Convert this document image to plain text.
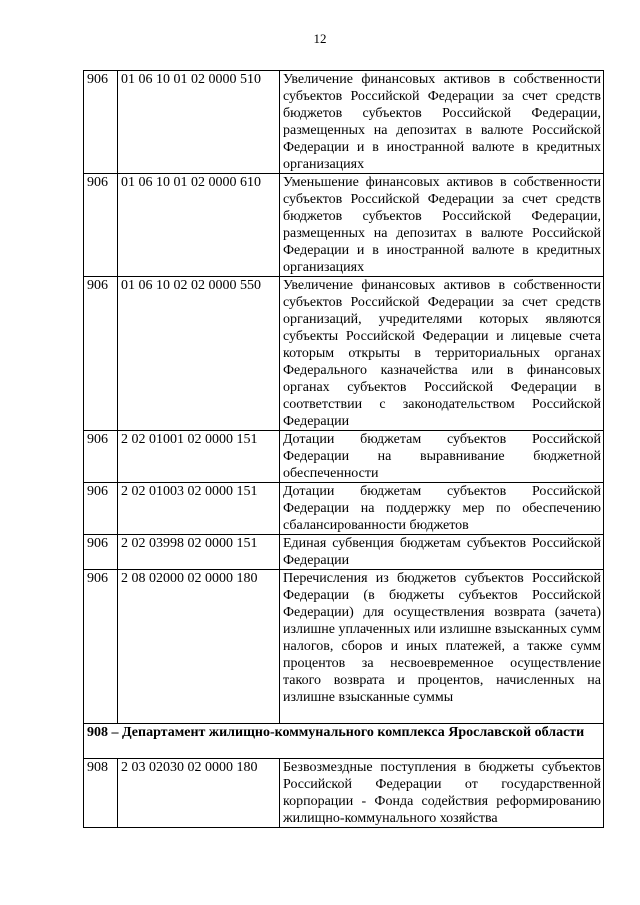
12
906	01 06 10 01 02 0000 510	Увеличение финансовых активов в собственности субъектов Российской Федерации за счет средств бюджетов субъектов Российской Федерации, размещенных на депозитах в валюте Российской Федерации и в иностранной валюте в кредитных организациях
906	01 06 10 01 02 0000 610	Уменьшение финансовых активов в собственности субъектов Российской Федерации за счет средств бюджетов субъектов Российской Федерации, размещенных на депозитах в валюте Российской Федерации и в иностранной валюте в кредитных организациях
906	01 06 10 02 02 0000 550	Увеличение финансовых активов в собственности субъектов Российской Федерации за счет средств организаций, учредителями которых являются субъекты Российской Федерации и лицевые счета которым открыты в территориальных органах Федерального казначейства или в финансовых органах субъектов Российской Федерации в соответствии с законодательством Российской Федерации
906	2 02 01001 02 0000 151	Дотации бюджетам субъектов Российской Федерации на выравнивание бюджетной обеспеченности
906	2 02 01003 02 0000 151	Дотации бюджетам субъектов Российской Федерации на поддержку мер по обеспечению сбалансированности бюджетов
906	2 02 03998 02 0000 151	Единая субвенция бюджетам субъектов Российской Федерации
906	2 08 02000 02 0000 180	Перечисления из бюджетов субъектов Российской Федерации (в бюджеты субъектов Российской Федерации) для осуществления возврата (зачета) излишне уплаченных или излишне взысканных сумм налогов, сборов и иных платежей, а также сумм процентов за несвоевременное осуществление такого возврата и процентов, начисленных на излишне взысканные суммы
908 – Департамент жилищно-коммунального комплекса Ярославской области		
908	2 03 02030 02 0000 180	Безвозмездные поступления в бюджеты субъектов Российской Федерации от государственной корпорации - Фонда содействия реформированию жилищно-коммунального хозяйства
